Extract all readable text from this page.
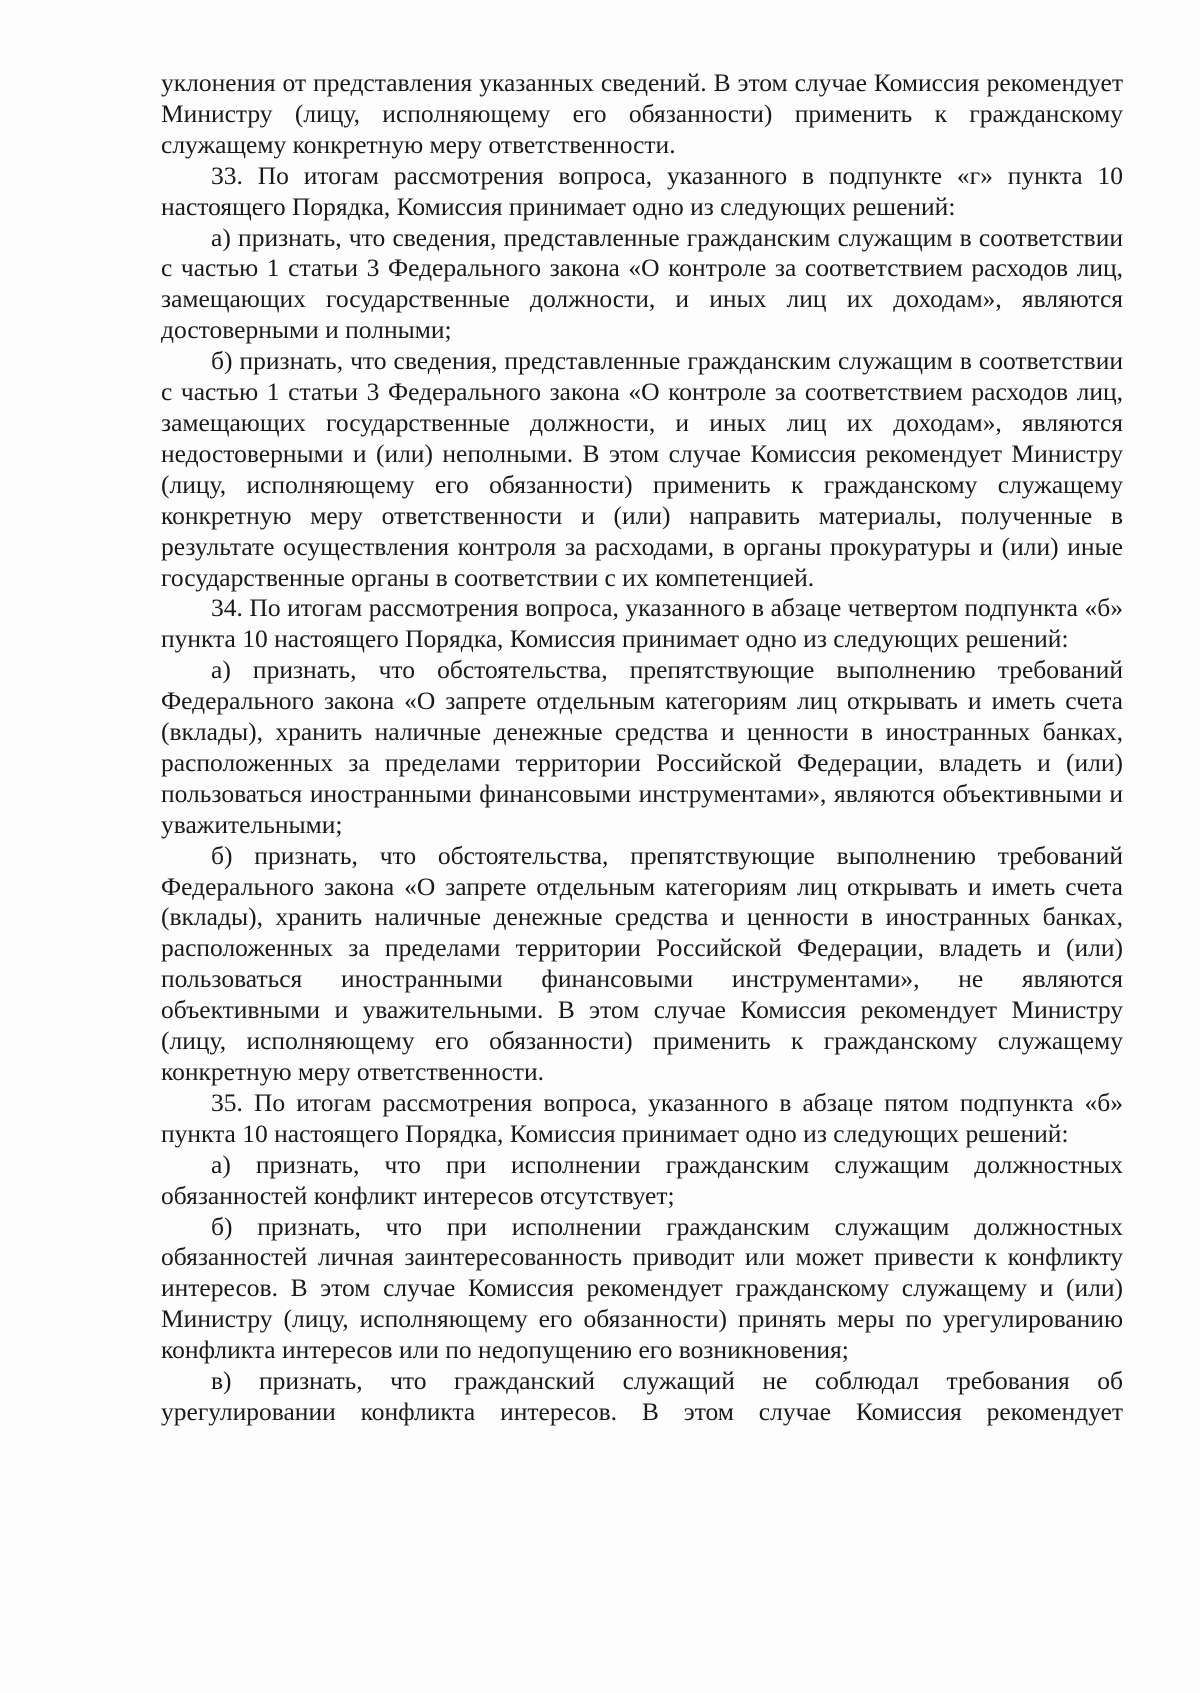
уклонения от представления указанных сведений. В этом случае Комиссия рекомендует Министру (лицу, исполняющему его обязанности) применить к гражданскому служащему конкретную меру ответственности.

33. По итогам рассмотрения вопроса, указанного в подпункте «г» пункта 10 настоящего Порядка, Комиссия принимает одно из следующих решений:

а) признать, что сведения, представленные гражданским служащим в соответствии с частью 1 статьи 3 Федерального закона «О контроле за соответствием расходов лиц, замещающих государственные должности, и иных лиц их доходам», являются достоверными и полными;

б) признать, что сведения, представленные гражданским служащим в соответствии с частью 1 статьи 3 Федерального закона «О контроле за соответствием расходов лиц, замещающих государственные должности, и иных лиц их доходам», являются недостоверными и (или) неполными. В этом случае Комиссия рекомендует Министру (лицу, исполняющему его обязанности) применить к гражданскому служащему конкретную меру ответственности и (или) направить материалы, полученные в результате осуществления контроля за расходами, в органы прокуратуры и (или) иные государственные органы в соответствии с их компетенцией.

34. По итогам рассмотрения вопроса, указанного в абзаце четвертом подпункта «б» пункта 10 настоящего Порядка, Комиссия принимает одно из следующих решений:

а) признать, что обстоятельства, препятствующие выполнению требований Федерального закона «О запрете отдельным категориям лиц открывать и иметь счета (вклады), хранить наличные денежные средства и ценности в иностранных банках, расположенных за пределами территории Российской Федерации, владеть и (или) пользоваться иностранными финансовыми инструментами», являются объективными и уважительными;

б) признать, что обстоятельства, препятствующие выполнению требований Федерального закона «О запрете отдельным категориям лиц открывать и иметь счета (вклады), хранить наличные денежные средства и ценности в иностранных банках, расположенных за пределами территории Российской Федерации, владеть и (или) пользоваться иностранными финансовыми инструментами», не являются объективными и уважительными. В этом случае Комиссия рекомендует Министру (лицу, исполняющему его обязанности) применить к гражданскому служащему конкретную меру ответственности.

35. По итогам рассмотрения вопроса, указанного в абзаце пятом подпункта «б» пункта 10 настоящего Порядка, Комиссия принимает одно из следующих решений:

а) признать, что при исполнении гражданским служащим должностных обязанностей конфликт интересов отсутствует;

б) признать, что при исполнении гражданским служащим должностных обязанностей личная заинтересованность приводит или может привести к конфликту интересов. В этом случае Комиссия рекомендует гражданскому служащему и (или) Министру (лицу, исполняющему его обязанности) принять меры по урегулированию конфликта интересов или по недопущению его возникновения;

в) признать, что гражданский служащий не соблюдал требования об урегулировании конфликта интересов. В этом случае Комиссия рекомендует
